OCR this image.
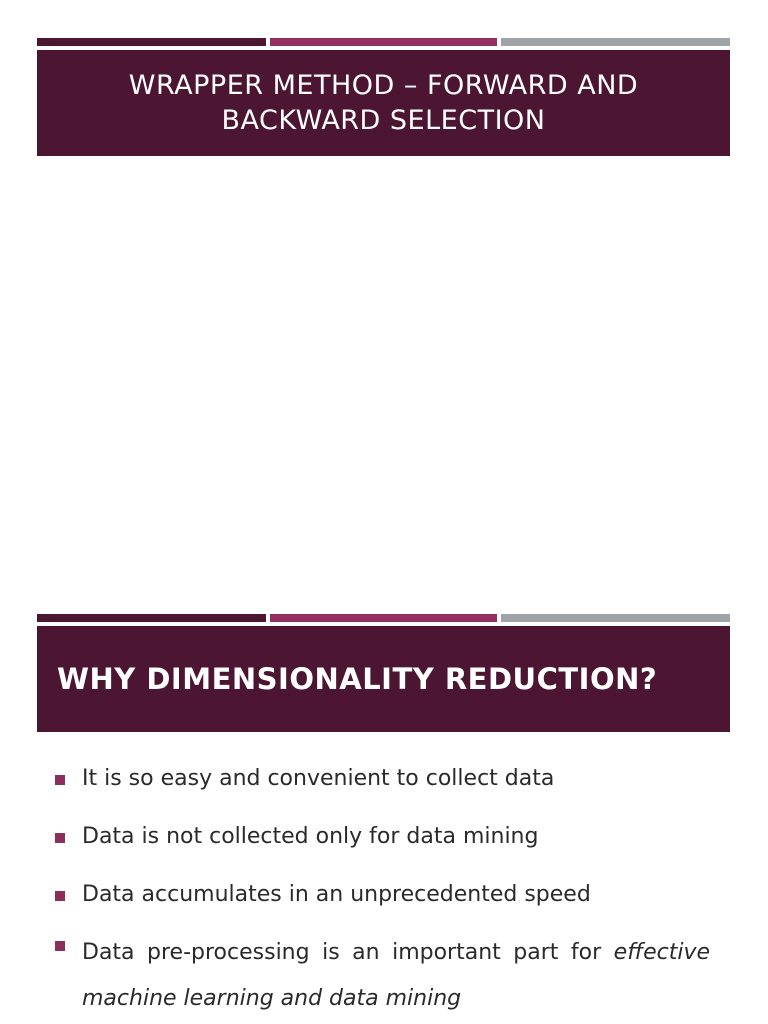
WRAPPER METHOD – FORWARD AND
BACKWARD SELECTION
WHY DIMENSIONALITY REDUCTION?
It is so easy and convenient to collect data
Data is not collected only for data mining
Data accumulates in an unprecedented speed
Data pre-processing is an important part for effective machine learning and data mining
